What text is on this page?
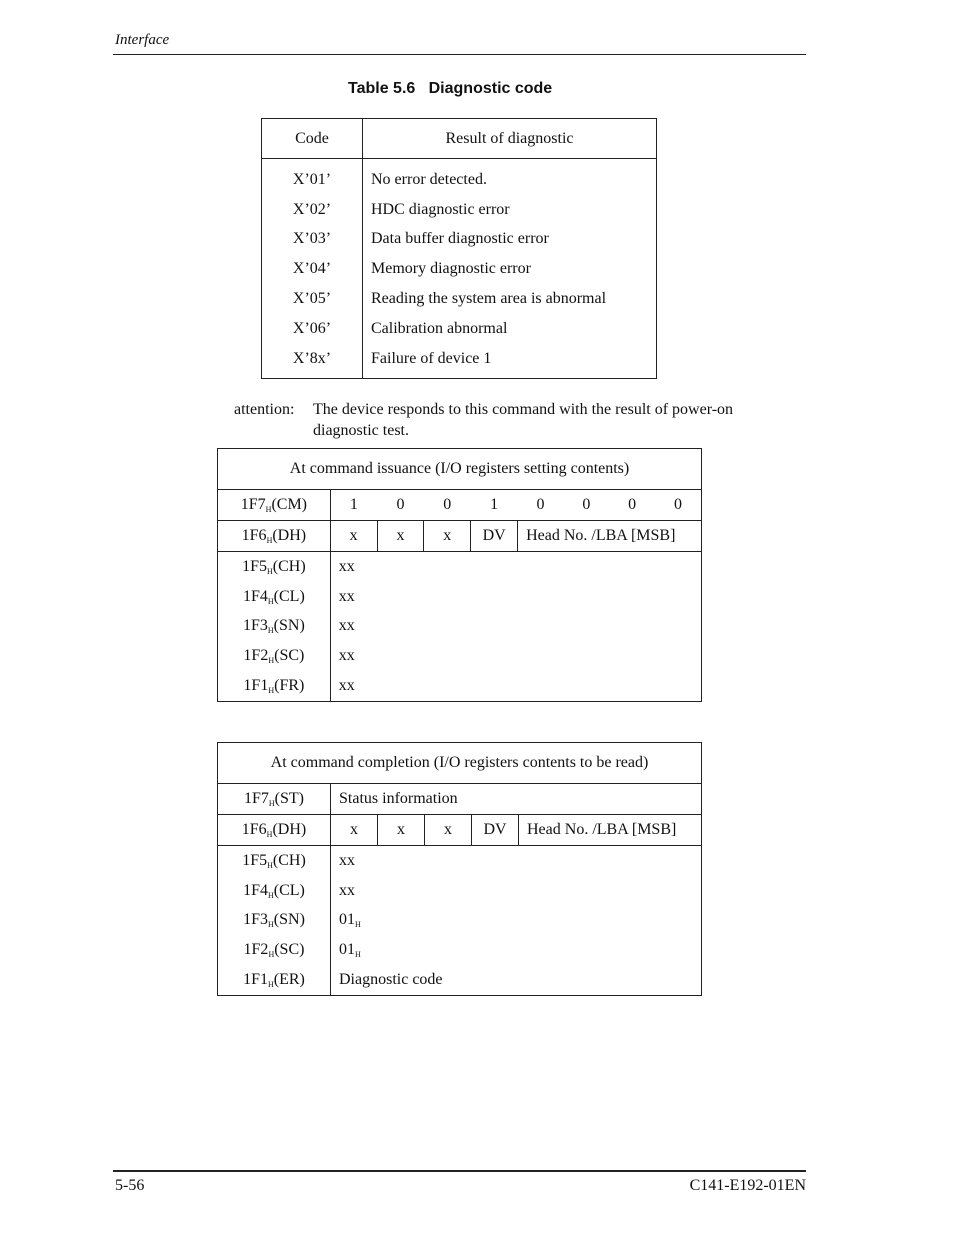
Interface
Table 5.6   Diagnostic code
Code	Result of diagnostic
X’01’	No error detected.
X’02’	HDC diagnostic error
X’03’	Data buffer diagnostic error
X’04’	Memory diagnostic error
X’05’	Reading the system area is abnormal
X’06’	Calibration abnormal
X’8x’	Failure of device 1
attention: The device responds to this command with the result of power-on diagnostic test.
At command issuance (I/O registers setting contents)								
$1F7_H(CM)$	1	0	0	1	0	0	0	0
$1F6_H(DH)$	x	x	x	DV	Head No. /LBA [MSB]			
$1F5_H(CH)$	xx							
$1F4_H(CL)$	xx							
$1F3_H(SN)$	xx							
$1F2_H(SC)$	xx							
$1F1_H(FR)$	xx							
At command completion (I/O registers contents to be read)					
$1F7_H(ST)$	Status information				
$1F6_H(DH)$	x	x	x	DV	Head No. /LBA [MSB]
$1F5_H(CH)$	xx				
$1F4_H(CL)$	xx				
$1F3_H(SN)$	$01_H$
$1F2_H(SC)$	$01_H$
$1F1_H(ER)$	Diagnostic code				
5-56	C141-E192-01EN
